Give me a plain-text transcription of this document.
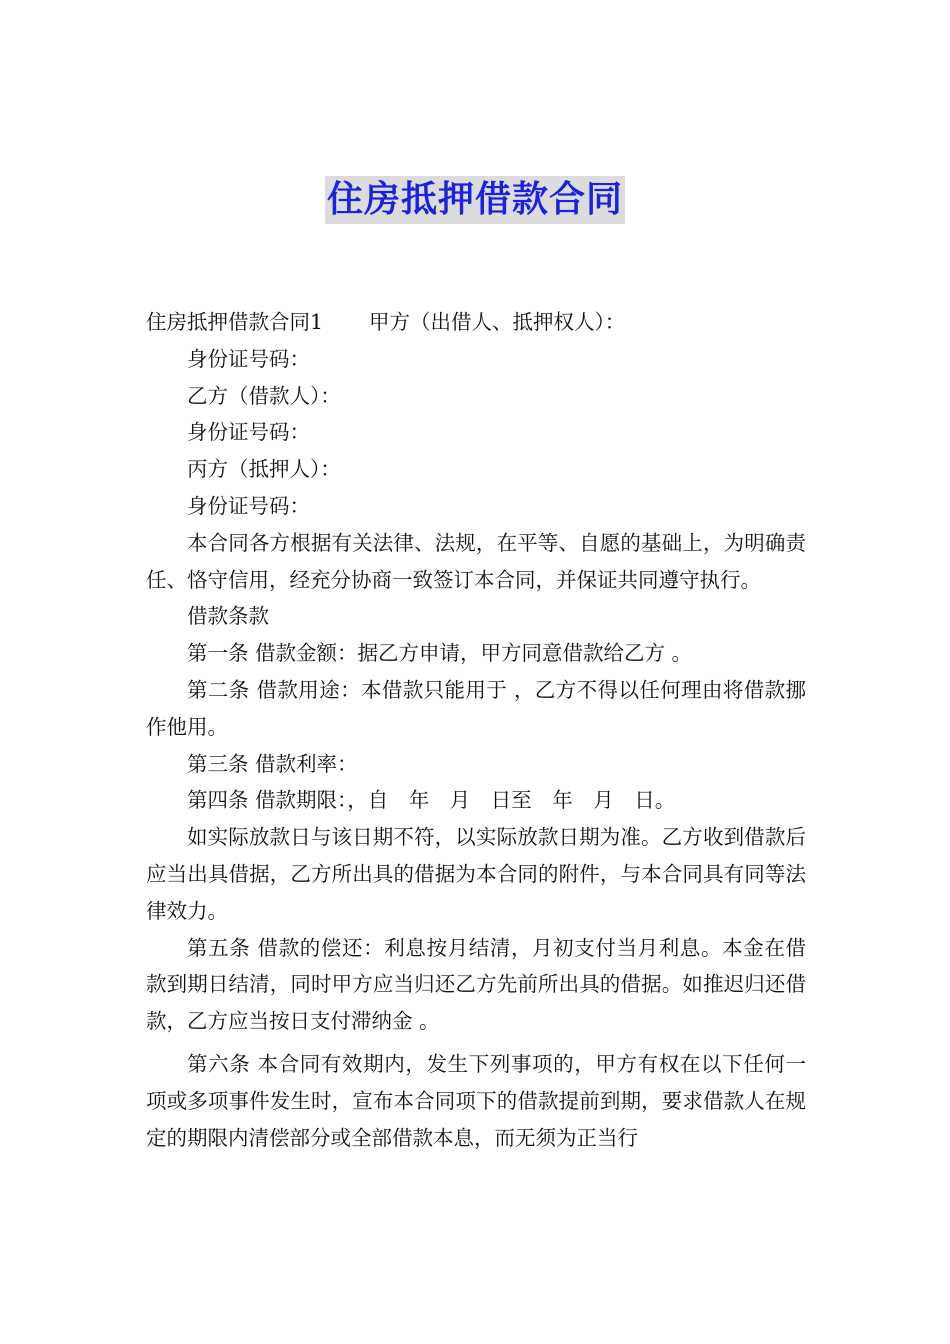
住房抵押借款合同

住房抵押借款合同1 甲方（出借人、抵押权人）：

身份证号码：

乙方（借款人）：

身份证号码：

丙方（抵押人）：

身份证号码：

本合同各方根据有关法律、法规，在平等、自愿的基础上，为明确责任、恪守信用，经充分协商一致签订本合同，并保证共同遵守执行。

借款条款

第一条 借款金额：据乙方申请，甲方同意借款给乙方 。

第二条 借款用途：本借款只能用于 ，乙方不得以任何理由将借款挪作他用。

第三条 借款利率：

第四条 借款期限：，自　年　月　日至　年　月　日。

如实际放款日与该日期不符，以实际放款日期为准。乙方收到借款后应当出具借据，乙方所出具的借据为本合同的附件，与本合同具有同等法律效力。

第五条 借款的偿还：利息按月结清，月初支付当月利息。本金在借款到期日结清，同时甲方应当归还乙方先前所出具的借据。如推迟归还借款，乙方应当按日支付滞纳金 。

第六条 本合同有效期内，发生下列事项的，甲方有权在以下任何一项或多项事件发生时，宣布本合同项下的借款提前到期，要求借款人在规定的期限内清偿部分或全部借款本息，而无须为正当行
